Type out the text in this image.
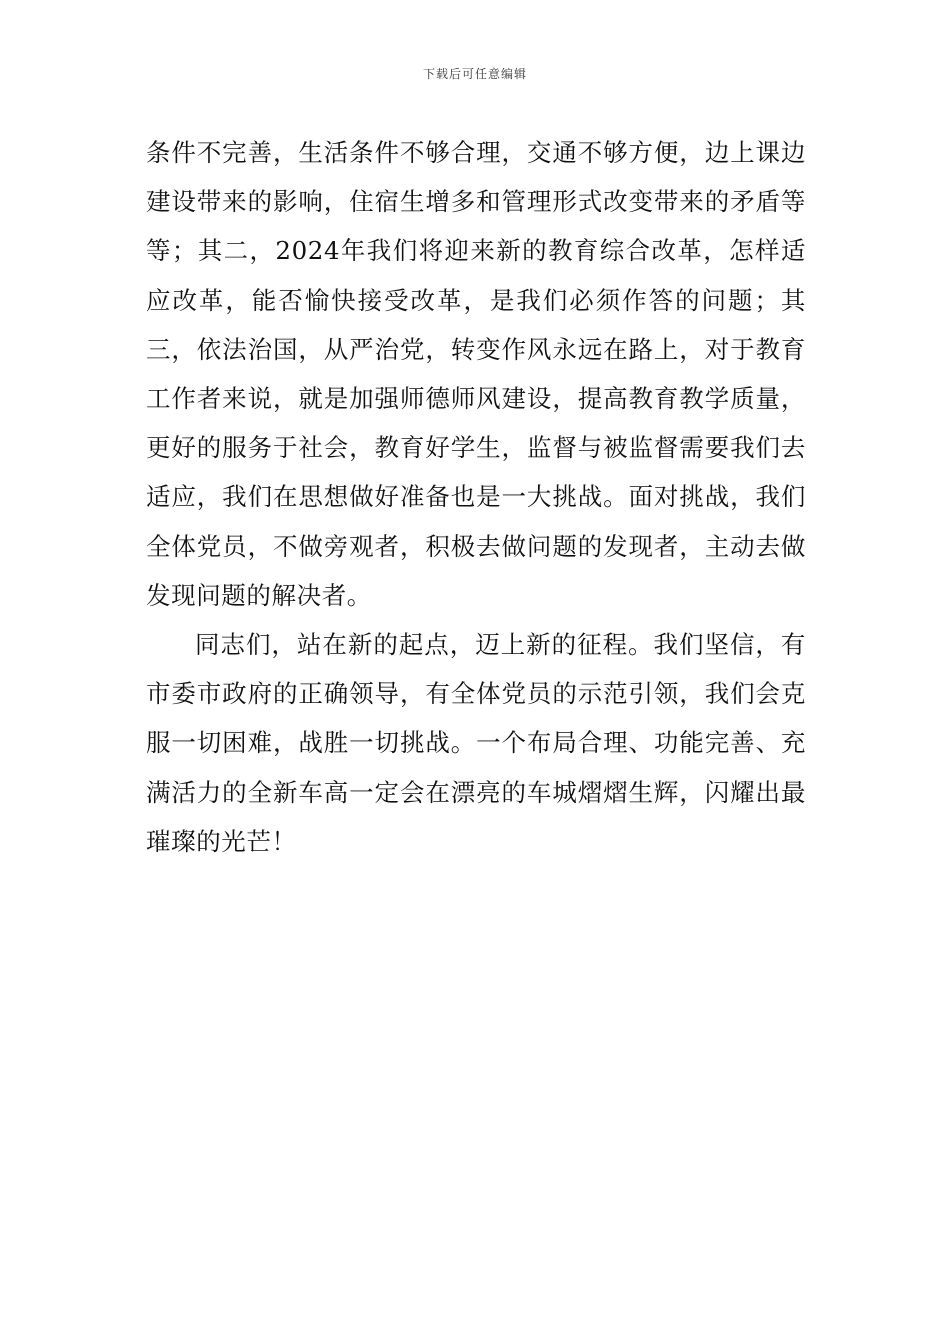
下载后可任意编辑

条件不完善，生活条件不够合理，交通不够方便，边上课边建设带来的影响，住宿生增多和管理形式改变带来的矛盾等等；其二，2024年我们将迎来新的教育综合改革，怎样适应改革，能否愉快接受改革，是我们必须作答的问题；其三，依法治国，从严治党，转变作风永远在路上，对于教育工作者来说，就是加强师德师风建设，提高教育教学质量，更好的服务于社会，教育好学生，监督与被监督需要我们去适应，我们在思想做好准备也是一大挑战。面对挑战，我们全体党员，不做旁观者，积极去做问题的发现者，主动去做发现问题的解决者。

同志们，站在新的起点，迈上新的征程。我们坚信，有市委市政府的正确领导，有全体党员的示范引领，我们会克服一切困难，战胜一切挑战。一个布局合理、功能完善、充满活力的全新车高一定会在漂亮的车城熠熠生辉，闪耀出最璀璨的光芒！
